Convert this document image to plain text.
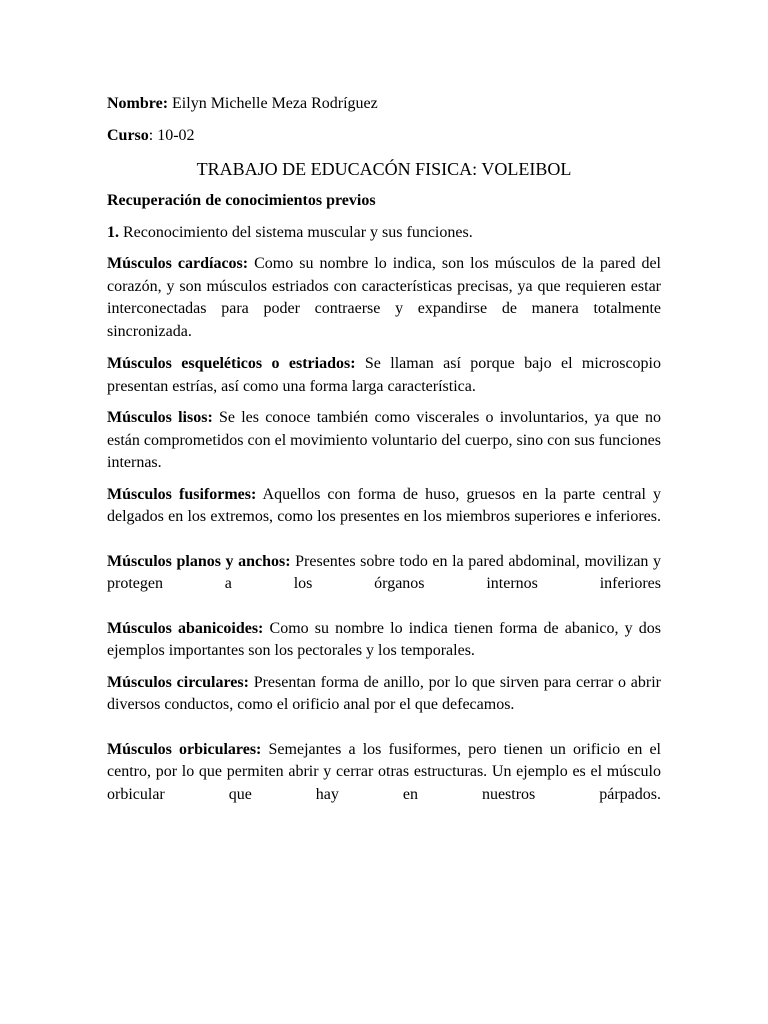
Nombre: Eilyn Michelle Meza Rodríguez

Curso: 10-02

TRABAJO DE EDUCACÓN FISICA: VOLEIBOL

Recuperación de conocimientos previos

1. Reconocimiento del sistema muscular y sus funciones.

Músculos cardíacos: Como su nombre lo indica, son los músculos de la pared del corazón, y son músculos estriados con características precisas, ya que requieren estar interconectadas para poder contraerse y expandirse de manera totalmente sincronizada.

Músculos esqueléticos o estriados: Se llaman así porque bajo el microscopio presentan estrías, así como una forma larga característica.

Músculos lisos: Se les conoce también como viscerales o involuntarios, ya que no están comprometidos con el movimiento voluntario del cuerpo, sino con sus funciones internas.

Músculos fusiformes: Aquellos con forma de huso, gruesos en la parte central y delgados en los extremos, como los presentes en los miembros superiores e inferiores.

Músculos planos y anchos: Presentes sobre todo en la pared abdominal, movilizan y protegen a los órganos internos inferiores

Músculos abanicoides: Como su nombre lo indica tienen forma de abanico, y dos ejemplos importantes son los pectorales y los temporales.

Músculos circulares: Presentan forma de anillo, por lo que sirven para cerrar o abrir diversos conductos, como el orificio anal por el que defecamos.

Músculos orbiculares: Semejantes a los fusiformes, pero tienen un orificio en el centro, por lo que permiten abrir y cerrar otras estructuras. Un ejemplo es el músculo orbicular que hay en nuestros párpados.
